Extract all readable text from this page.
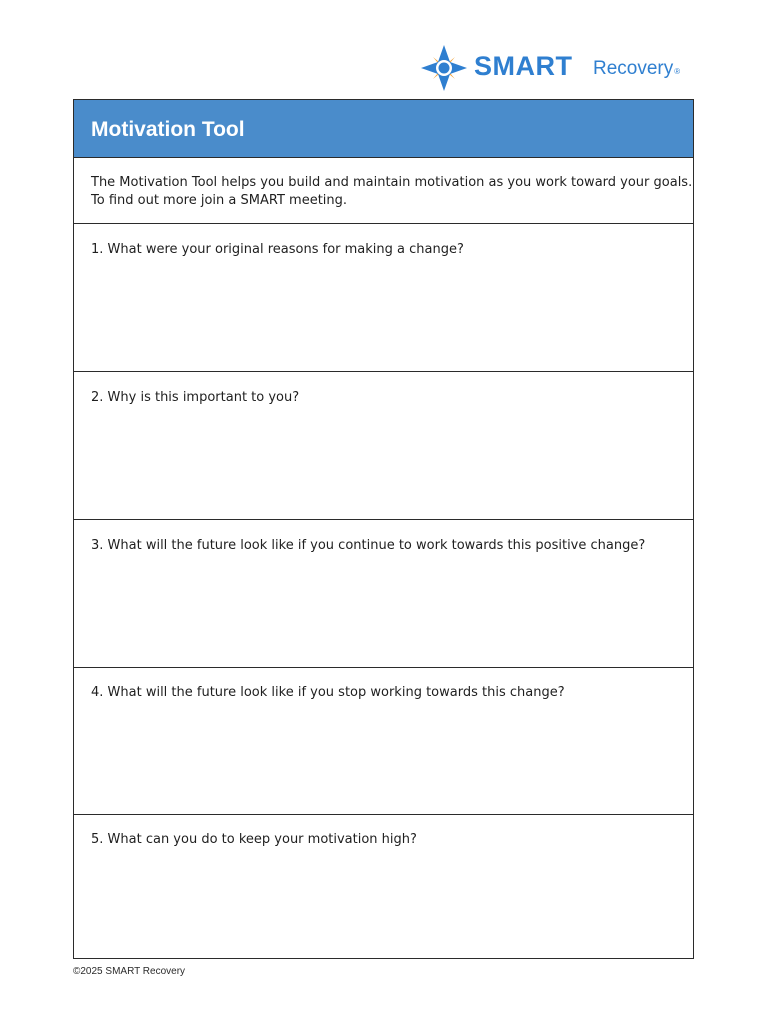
SMART Recovery®
Motivation Tool
The Motivation Tool helps you build and maintain motivation as you work toward your goals.
To find out more join a SMART meeting.
1. What were your original reasons for making a change?
2. Why is this important to you?
3. What will the future look like if you continue to work towards this positive change?
4. What will the future look like if you stop working towards this change?
5. What can you do to keep your motivation high?
©2025 SMART Recovery
